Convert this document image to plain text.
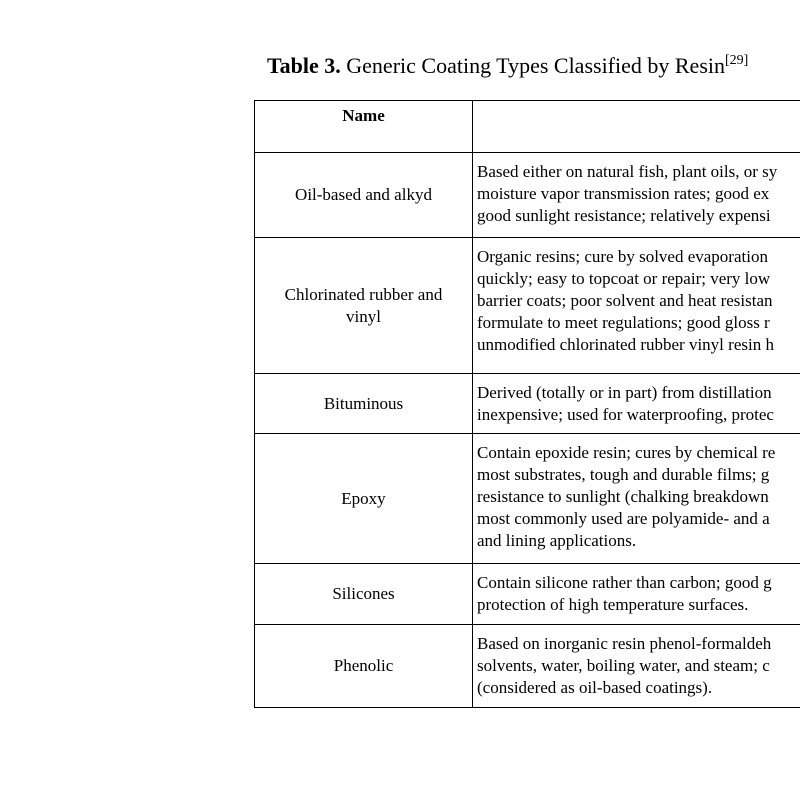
Table 3. Generic Coating Types Classified by Resin[29]
Name	
Oil-based and alkyd	Based either on natural fish, plant oils, or sy
moisture vapor transmission rates; good ex
good sunlight resistance; relatively expensi

Chlorinated rubber and vinyl	Organic resins; cure by solved evaporation
quickly; easy to topcoat or repair; very low
barrier coats; poor solvent and heat resistan
formulate to meet regulations; good gloss r
unmodified chlorinated rubber vinyl resin h

Bituminous	Derived (totally or in part) from distillation
inexpensive; used for waterproofing, protec

Epoxy	Contain epoxide resin; cures by chemical re
most substrates, tough and durable films; g
resistance to sunlight (chalking breakdown
most commonly used are polyamide- and a
and lining applications.

Silicones	Contain silicone rather than carbon; good g
protection of high temperature surfaces.

Phenolic	Based on inorganic resin phenol-formaldeh
solvents, water, boiling water, and steam; c
(considered as oil-based coatings).
